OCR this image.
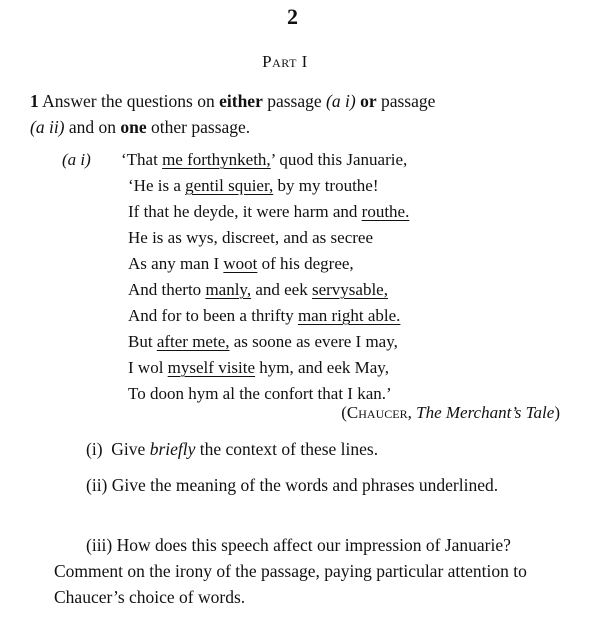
2
Part I
1 Answer the questions on either passage (a i) or passage
(a ii) and on one other passage.
(a i) ‘That me forthynketh,’ quod this Januarie,
‘He is a gentil squier, by my trouthe!
If that he deyde, it were harm and routhe.
He is as wys, discreet, and as secree
As any man I woot of his degree,
And therto manly, and eek servysable,
And for to been a thrifty man right able.
But after mete, as soone as evere I may,
I wol myself visite hym, and eek May,
To doon hym al the confort that I kan.’
(Chaucer, The Merchant’s Tale)
(i) Give briefly the context of these lines.
(ii) Give the meaning of the words and phrases underlined.
(iii) How does this speech affect our impression of Januarie? Comment on the irony of the passage, paying particular attention to Chaucer’s choice of words.
